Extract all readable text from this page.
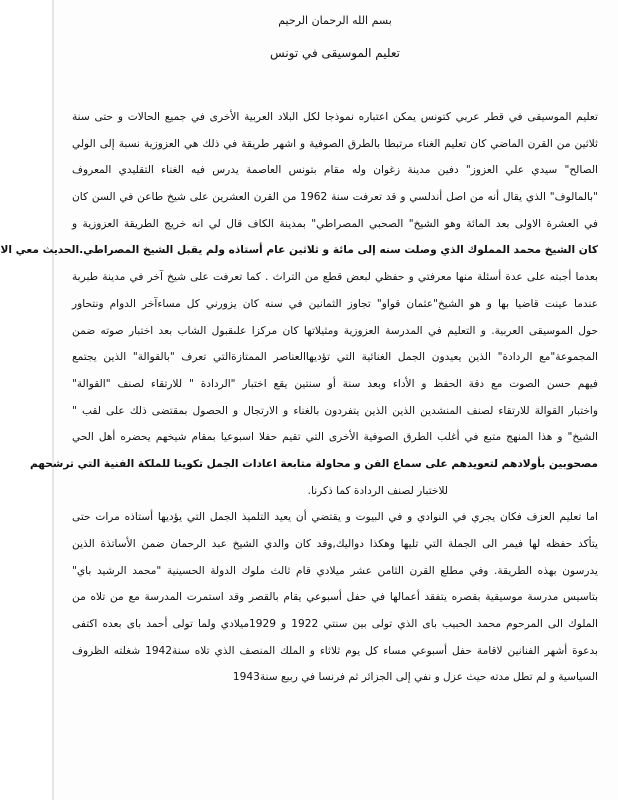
بسم الله الرحمان الرحيم
تعليم الموسيقى في تونس
تعليم الموسيقى في قطر عربي كتونس يمكن اعتباره نموذجا لكل البلاد العربية الأخرى في جميع الحالات و حتى سنة
ثلاثين من القرن الماضي كان تعليم الغناء مرتبطا بالطرق الصوفية و اشهر طريقة في ذلك هي العزوزية نسبة إلى الولي
الصالح" سيدي علي العزوز" دفين مدينة زغوان وله مقام بتونس العاصمة يدرس فيه الغناء التقليدي المعروف
"بالمالوف" الذي يقال أنه من اصل أندلسي و قد تعرفت سنة 1962 من القرن العشرين على شيخ طاعن في السن كان
في العشرة الاولى بعد المائة وهو الشيخ" الصحبي المصراطي" بمدينة الكاف قال لي انه خريج الطريقة العزوزية و
كان الشيخ محمد المملوك الذي وصلت سنه إلى مائة و ثلاثين عام أستاذه ولم يقبل الشيخ المصراطي.الحديث معي الا
بعدما أجبته على عدة أسئلة منها معرفتي و حفظي لبعض قطع من التراث . كما تعرفت على شيخ آخر في مدينة طبربة
عندما عينت قاضيا بها و هو الشيخ"عثمان قواو" تجاوز الثمانين في سنه كان يزورني كل مساءآخر الدوام ونتحاور
حول الموسيقى العربية. و التعليم في المدرسة العزوزية ومثيلاتها كان مركزا علىقبول الشاب بعد اختبار صوته ضمن
المجموعة"مع الردادة" الذين يعيدون الجمل الغنائية التي تؤديهاالعناصر الممتازةالتي تعرف "بالقوالة" الذين يجتمع
فيهم حسن الصوت مع دقة الحفظ و الأداء وبعد سنة أو سنتين يقع اختبار "الردادة " للارتقاء لصنف "القوالة"
واختبار القوالة للارتقاء لصنف المنشدين الذين الذين يتفردون بالغناء و الارتجال و الحصول بمقتضى ذلك على لقب "
الشيخ" و هذا المنهج متبع في أغلب الطرق الصوفية الأخرى التي تقيم حفلا اسبوعيا بمقام شيخهم يحضره أهل الحي
مصحوبين بأولادهم لتعويدهم على سماع الفن و محاولة متابعة اعادات الجمل تكوينا للملكة الفنية التي ترشحهم
للاختبار لصنف الردادة كما ذكرنا.
اما تعليم العزف فكان يجري في النوادي و في البيوت و يقتضي أن يعيد التلميذ الجمل التي يؤديها أستاذه مرات حتى
يتأكد حفظه لها فيمر الى الجملة التي تليها وهكذا دواليك,وقد كان والدي الشيخ عبد الرحمان ضمن الأساتذة الذين
يدرسون بهذه الطريقة. وفي مطلع القرن الثامن عشر ميلادي قام ثالث ملوك الدولة الحسينية "محمد الرشيد باي"
بتاسيس مدرسة موسيقية بقصره يتفقد أعمالها في حفل أسبوعي يقام بالقصر وقد استمرت المدرسة مع من تلاه من
الملوك الى المرحوم محمد الحبيب باى الذي تولى بين سنتي 1922 و 1929ميلادي ولما تولى أحمد باى بعده اكتفى
بدعوة أشهر الفنانين لاقامة حفل أسبوعي مساء كل يوم ثلاثاء و الملك المنصف الذي تلاه سنة1942 شغلته الظروف
السياسية و لم تطل مدته حيث عزل و نفي إلى الجزائر ثم فرنسا في ربيع سنة1943
